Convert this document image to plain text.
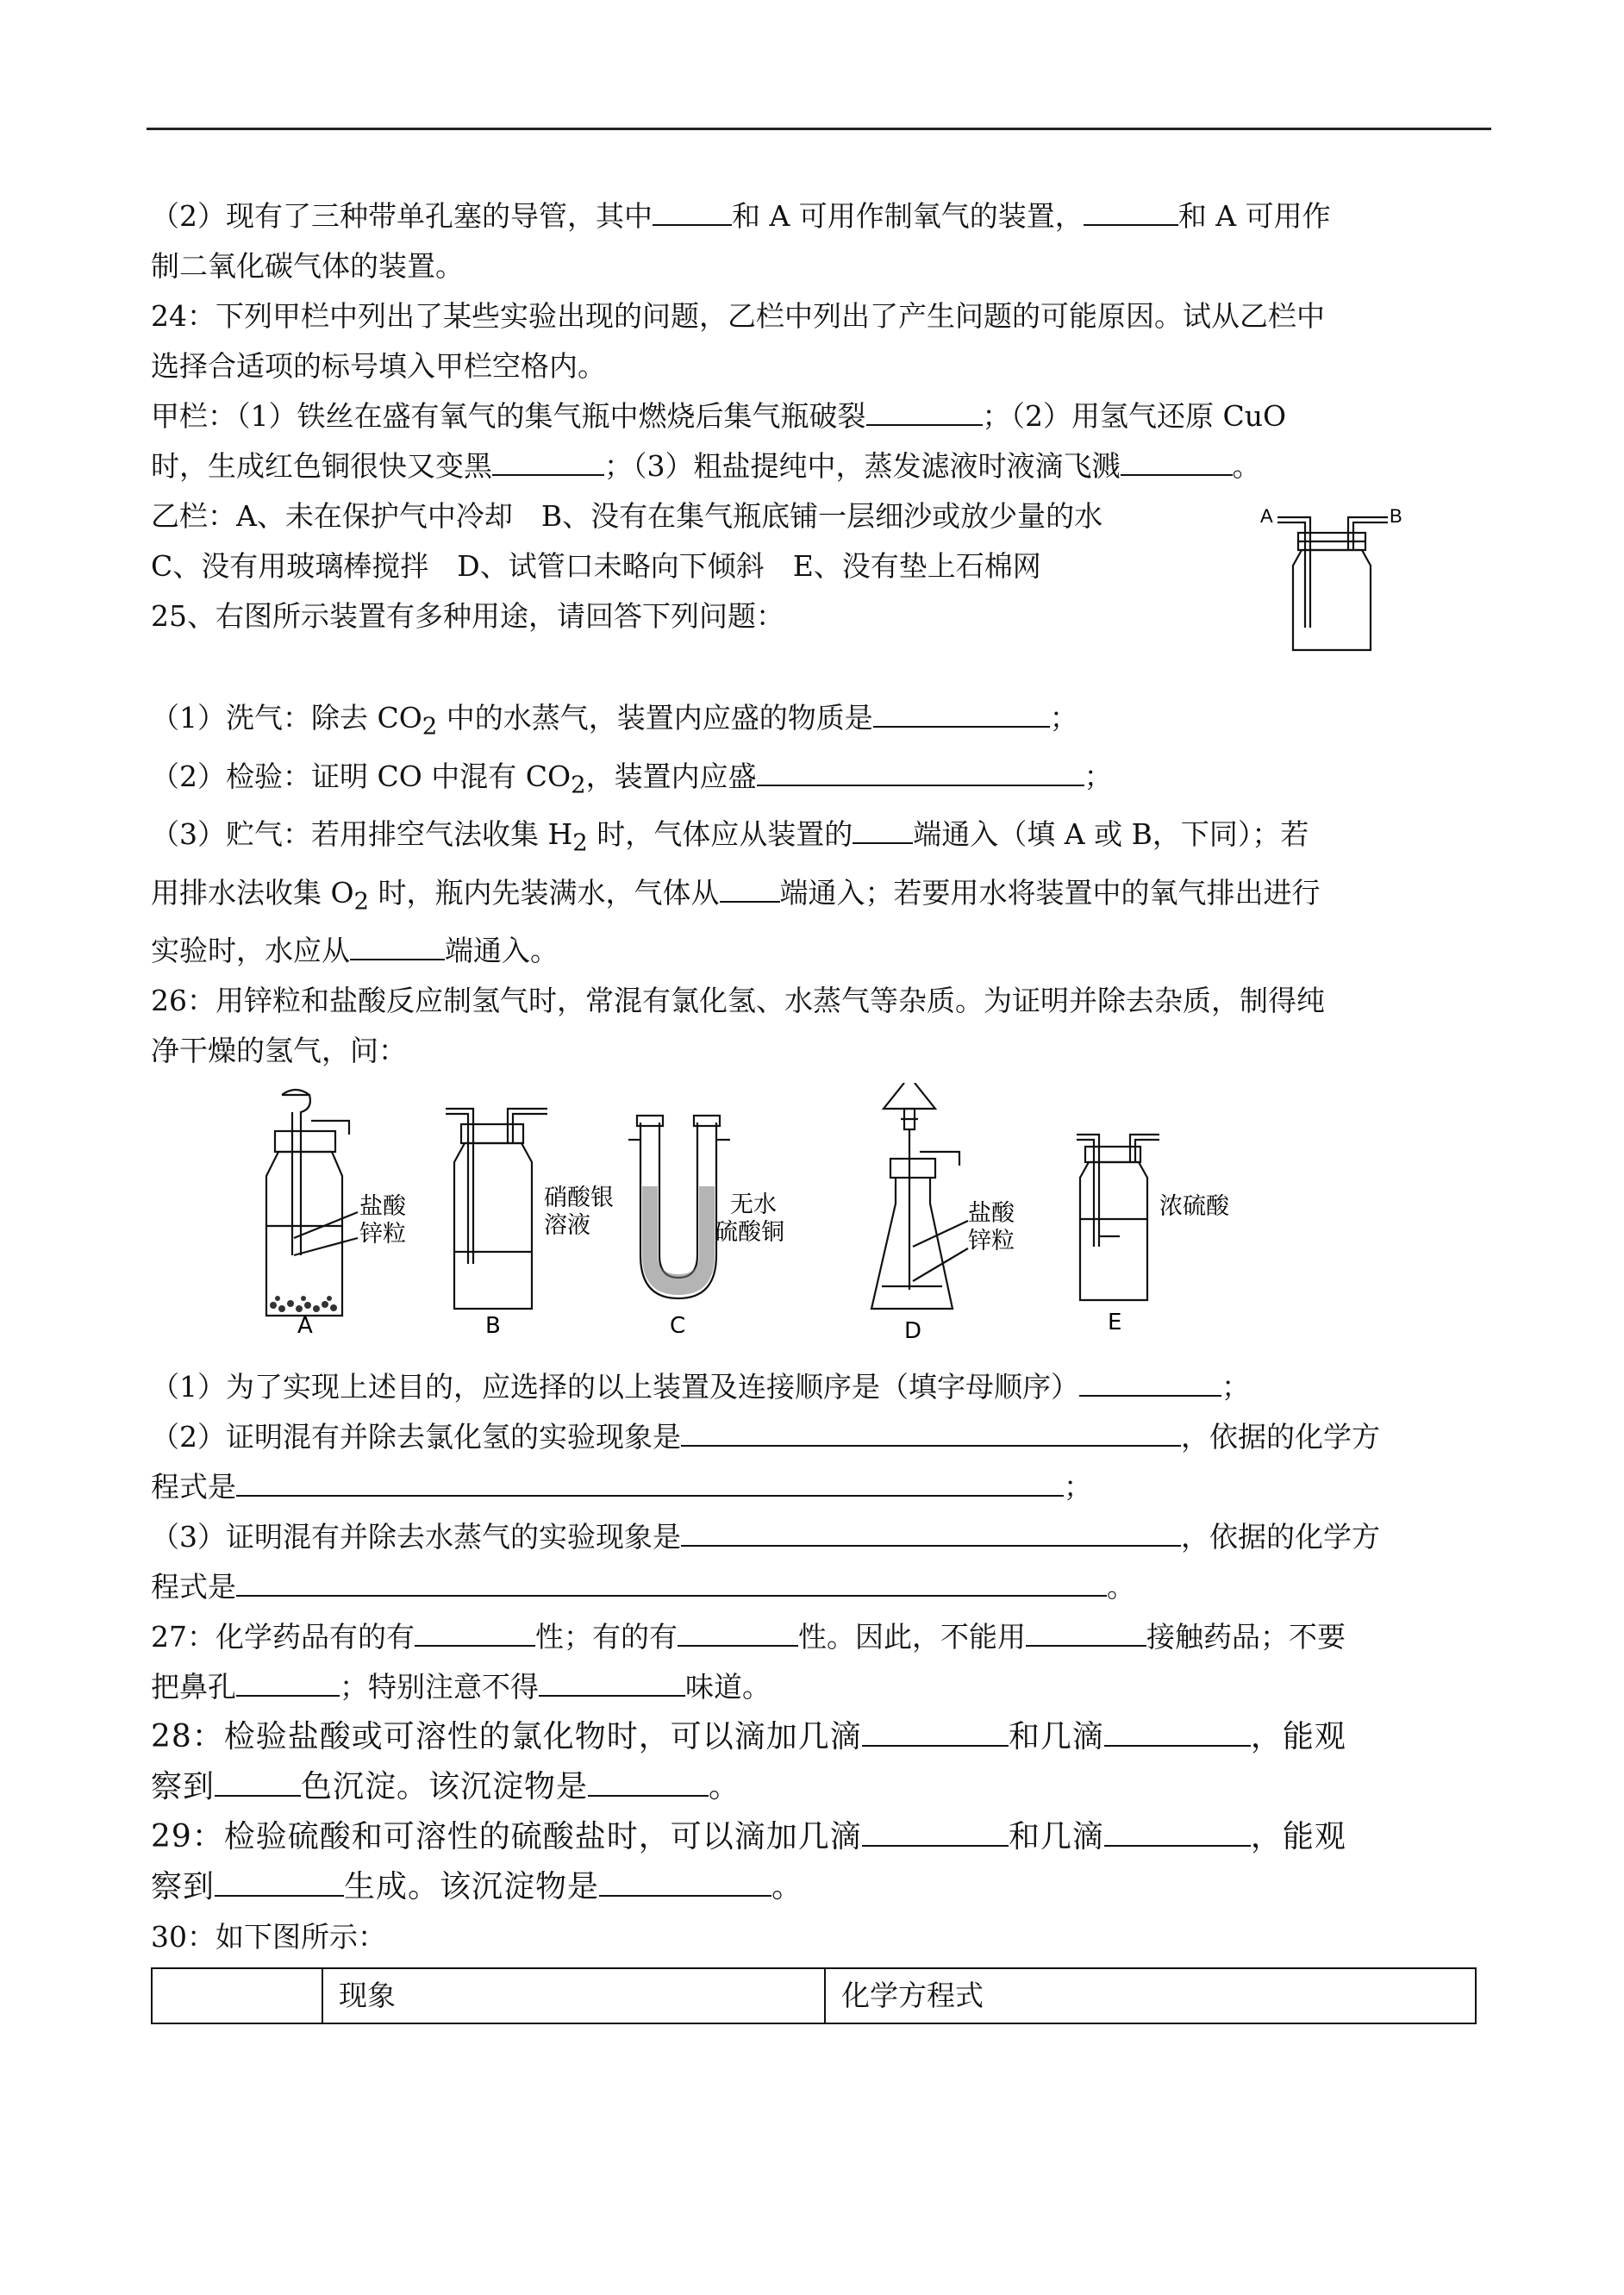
（2）现有了三种带单孔塞的导管，其中	和 A 可用作制氧气的装置，	和 A 可用作

制二氧化碳气体的装置。

24：下列甲栏中列出了某些实验出现的问题，乙栏中列出了产生问题的可能原因。试从乙栏中

选择合适项的标号填入甲栏空格内。

甲栏：（1）铁丝在盛有氧气的集气瓶中燃烧后集气瓶破裂	；（2）用氢气还原 CuO

时，生成红色铜很快又变黑	；（3）粗盐提纯中，蒸发滤液时液滴飞溅	。

乙栏：A、未在保护气中冷却　B、没有在集气瓶底铺一层细沙或放少量的水

C、没有用玻璃棒搅拌　D、试管口未略向下倾斜　E、没有垫上石棉网

25、右图所示装置有多种用途，请回答下列问题：

A	B

（1）洗气：除去 $CO_2$ 中的水蒸气，装置内应盛的物质是	；

（2）检验：证明 CO 中混有 $CO_2$，装置内应盛	；

（3）贮气：若用排空气法收集 $H_2$ 时，气体应从装置的 端通入（填 A 或 B，下同）；若

用排水法收集 $O_2$ 时，瓶内先装满水，气体从 端通入；若要用水将装置中的氧气排出进行

实验时，水应从	端通入。

26：用锌粒和盐酸反应制氢气时，常混有氯化氢、水蒸气等杂质。为证明并除去杂质，制得纯

净干燥的氢气，问：

盐酸
锌粒
A
硝酸银
溶液
B
无水
硫酸铜
C
盐酸
锌粒
D
浓硫酸
E

（1）为了实现上述目的，应选择的以上装置及连接顺序是（填字母顺序）	；

（2）证明混有并除去氯化氢的实验现象是	，依据的化学方

程式是	；

（3）证明混有并除去水蒸气的实验现象是	，依据的化学方

程式是	。

27：化学药品有的有	性；有的有	性。因此，不能用	接触药品；不要

把鼻孔	；特别注意不得	味道。

28：检验盐酸或可溶性的氯化物时，可以滴加几滴	和几滴	，能观

察到	色沉淀。该沉淀物是	。

29：检验硫酸和可溶性的硫酸盐时，可以滴加几滴	和几滴	，能观

察到	生成。该沉淀物是	。

30：如下图所示：

	现象	化学方程式
